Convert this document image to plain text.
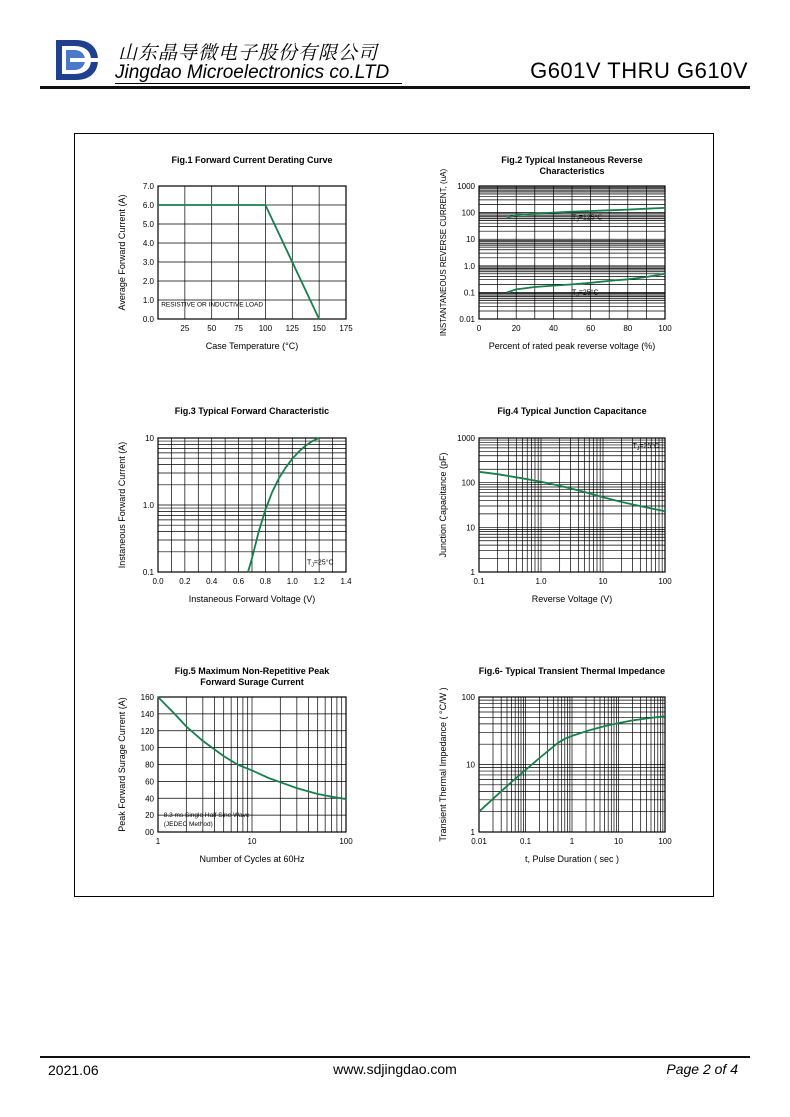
山东晶导微电子股份有限公司
Jingdao Microelectronics co.LTD	G601V THRU G610V
25 50 75 100 125 150 175
0.0
1.0
2.0
3.0
4.0
5.0
6.0
7.0
Fig.1 Forward Current Derating Curve
Case Temperature (°C)
Average Forward Current (A)	RESISTIVE OR INDUCTIVE LOAD
0	20	40	60	80	100
0.01
0.1
1.0
10
100
1000
Fig.2 Typical Instaneous Reverse
Characteristics
Percent of rated peak reverse voltage (%)
INSTANTANEOUS REVERSE CURRENT, (uA)	$T_J=125^\circ C$
$T_J=25^\circ C$
0.0 0.2 0.4 0.6 0.8 1.0 1.2 1.4
0.1
1.0
10
Fig.3 Typical Forward Characteristic
Instaneous Forward Voltage (V)
Instaneous Forward Current (A)	$T_J=25^\circ C$
0.1	1.0	10	100
1
10
100
1000
Fig.4 Typical Junction Capacitance
Reverse Voltage (V)
Junction Capacitance (pF)
$T_J=25^\circ C$
1	10	100
00
20
40
60
80
100
120
140
160
Fig.5 Maximum Non-Repetitive Peak
Forward Surage Current
Number of Cycles at 60Hz
Peak Forward Surage Current (A)	8.3 ms Single Half Sine Wave
(JEDEC Method)
0.01	0.1	1	10	100
1
10
100
Fig.6- Typical Transient Thermal Impedance
t, Pulse Duration ( sec )
Transient Thermal Impedance ( °C/W )
2021.06	www.sdjingdao.com	Page 2 of 4
